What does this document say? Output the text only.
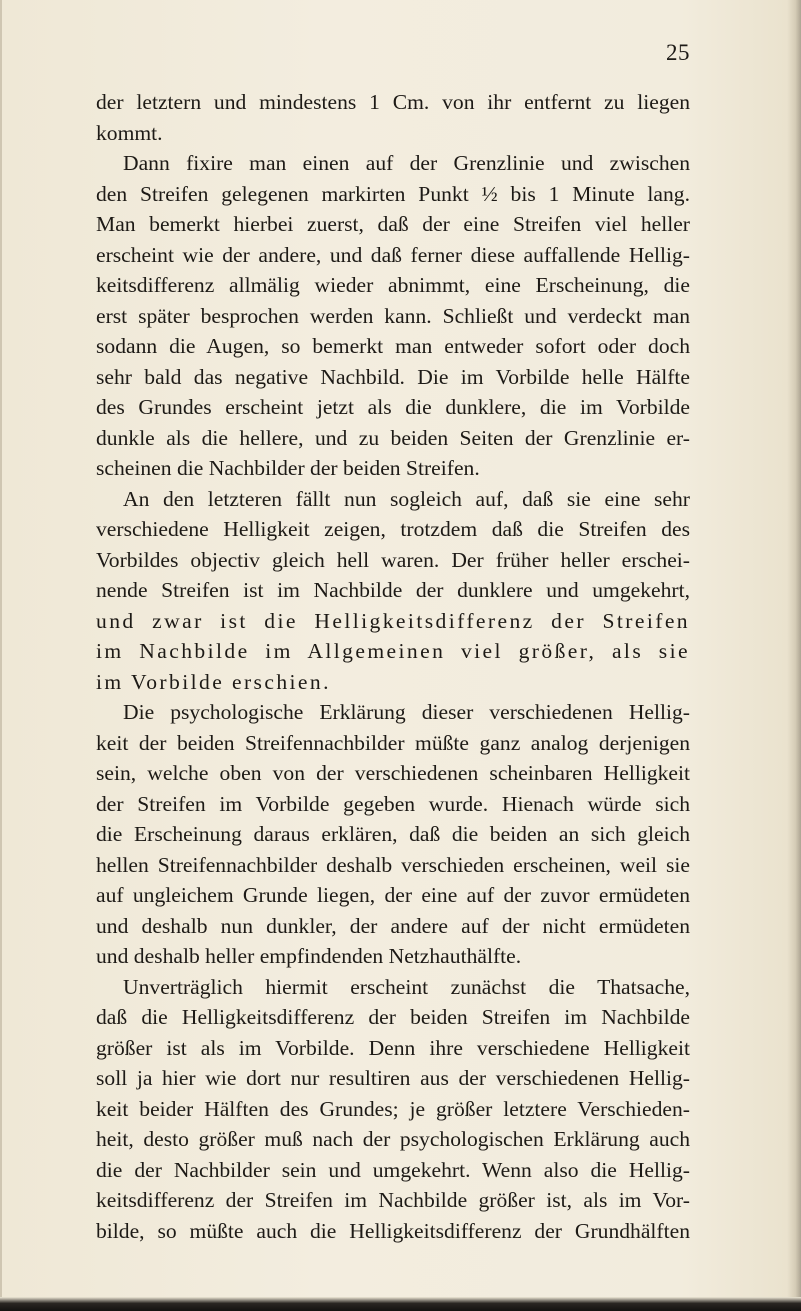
25
der letztern und mindestens 1 Cm. von ihr entfernt zu liegen
kommt.
Dann fixire man einen auf der Grenzlinie und zwischen
den Streifen gelegenen markirten Punkt ½ bis 1 Minute lang.
Man bemerkt hierbei zuerst, daß der eine Streifen viel heller
erscheint wie der andere, und daß ferner diese auffallende Hellig-
keitsdifferenz allmälig wieder abnimmt, eine Erscheinung, die
erst später besprochen werden kann. Schließt und verdeckt man
sodann die Augen, so bemerkt man entweder sofort oder doch
sehr bald das negative Nachbild. Die im Vorbilde helle Hälfte
des Grundes erscheint jetzt als die dunklere, die im Vorbilde
dunkle als die hellere, und zu beiden Seiten der Grenzlinie er-
scheinen die Nachbilder der beiden Streifen.
An den letzteren fällt nun sogleich auf, daß sie eine sehr
verschiedene Helligkeit zeigen, trotzdem daß die Streifen des
Vorbildes objectiv gleich hell waren. Der früher heller erschei-
nende Streifen ist im Nachbilde der dunklere und umgekehrt,
und zwar ist die Helligkeitsdifferenz der Streifen
im Nachbilde im Allgemeinen viel größer, als sie
im Vorbilde erschien.
Die psychologische Erklärung dieser verschiedenen Hellig-
keit der beiden Streifennachbilder müßte ganz analog derjenigen
sein, welche oben von der verschiedenen scheinbaren Helligkeit
der Streifen im Vorbilde gegeben wurde. Hienach würde sich
die Erscheinung daraus erklären, daß die beiden an sich gleich
hellen Streifennachbilder deshalb verschieden erscheinen, weil sie
auf ungleichem Grunde liegen, der eine auf der zuvor ermüdeten
und deshalb nun dunkler, der andere auf der nicht ermüdeten
und deshalb heller empfindenden Netzhauthälfte.
Unverträglich hiermit erscheint zunächst die Thatsache,
daß die Helligkeitsdifferenz der beiden Streifen im Nachbilde
größer ist als im Vorbilde. Denn ihre verschiedene Helligkeit
soll ja hier wie dort nur resultiren aus der verschiedenen Hellig-
keit beider Hälften des Grundes; je größer letztere Verschieden-
heit, desto größer muß nach der psychologischen Erklärung auch
die der Nachbilder sein und umgekehrt. Wenn also die Hellig-
keitsdifferenz der Streifen im Nachbilde größer ist, als im Vor-
bilde, so müßte auch die Helligkeitsdifferenz der Grundhälften
